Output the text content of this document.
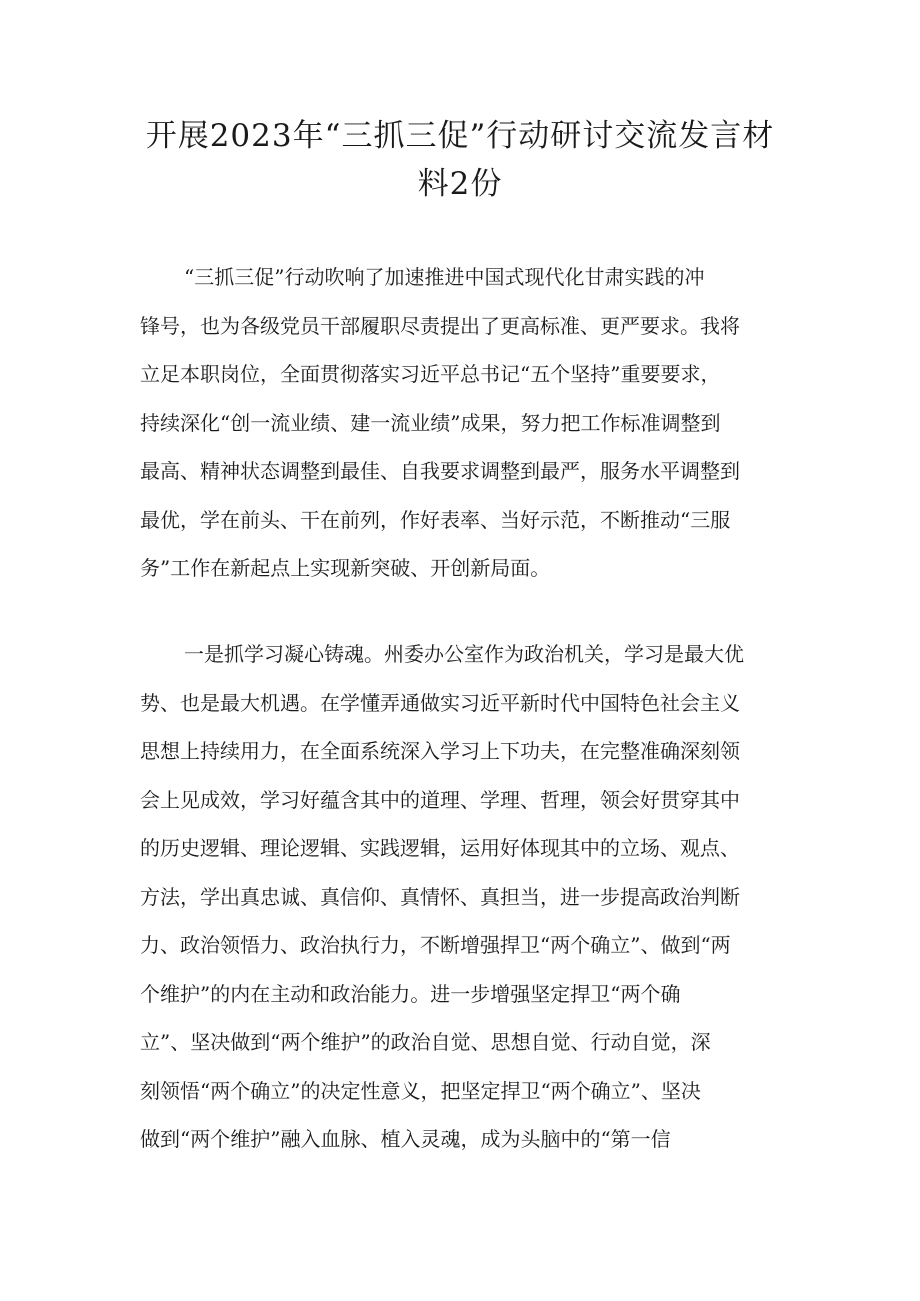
开展2023年“三抓三促”行动研讨交流发言材
料2份
“三抓三促”行动吹响了加速推进中国式现代化甘肃实践的冲
锋号，也为各级党员干部履职尽责提出了更高标准、更严要求。我将
立足本职岗位，全面贯彻落实习近平总书记“五个坚持”重要要求，
持续深化“创一流业绩、建一流业绩”成果，努力把工作标准调整到
最高、精神状态调整到最佳、自我要求调整到最严，服务水平调整到
最优，学在前头、干在前列，作好表率、当好示范，不断推动“三服
务”工作在新起点上实现新突破、开创新局面。
一是抓学习凝心铸魂。州委办公室作为政治机关，学习是最大优
势、也是最大机遇。在学懂弄通做实习近平新时代中国特色社会主义
思想上持续用力，在全面系统深入学习上下功夫，在完整准确深刻领
会上见成效，学习好蕴含其中的道理、学理、哲理，领会好贯穿其中
的历史逻辑、理论逻辑、实践逻辑，运用好体现其中的立场、观点、
方法，学出真忠诚、真信仰、真情怀、真担当，进一步提高政治判断
力、政治领悟力、政治执行力，不断增强捍卫“两个确立”、做到“两
个维护”的内在主动和政治能力。进一步增强坚定捍卫“两个确
立”、坚决做到“两个维护”的政治自觉、思想自觉、行动自觉，深
刻领悟“两个确立”的决定性意义，把坚定捍卫“两个确立”、坚决
做到“两个维护”融入血脉、植入灵魂，成为头脑中的“第一信
